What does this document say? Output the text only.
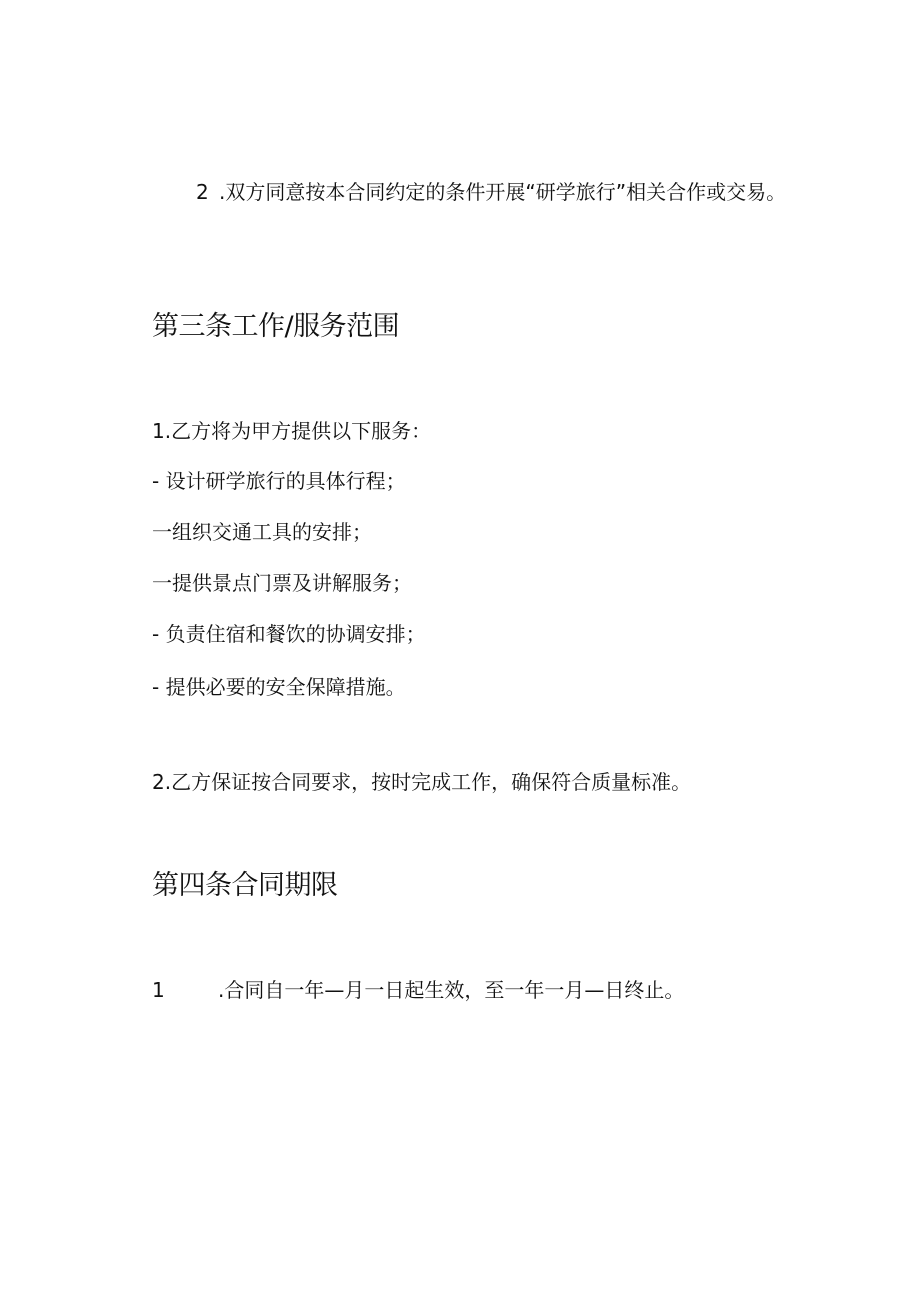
2 .双方同意按本合同约定的条件开展“研学旅行”相关合作或交易。

第三条工作/服务范围

1.乙方将为甲方提供以下服务：

- 设计研学旅行的具体行程；

一组织交通工具的安排；

一提供景点门票及讲解服务；

- 负责住宿和餐饮的协调安排；

- 提供必要的安全保障措施。

2.乙方保证按合同要求，按时完成工作，确保符合质量标准。

第四条合同期限

1	.合同自一年—月一日起生效，至一年一月—日终止。
